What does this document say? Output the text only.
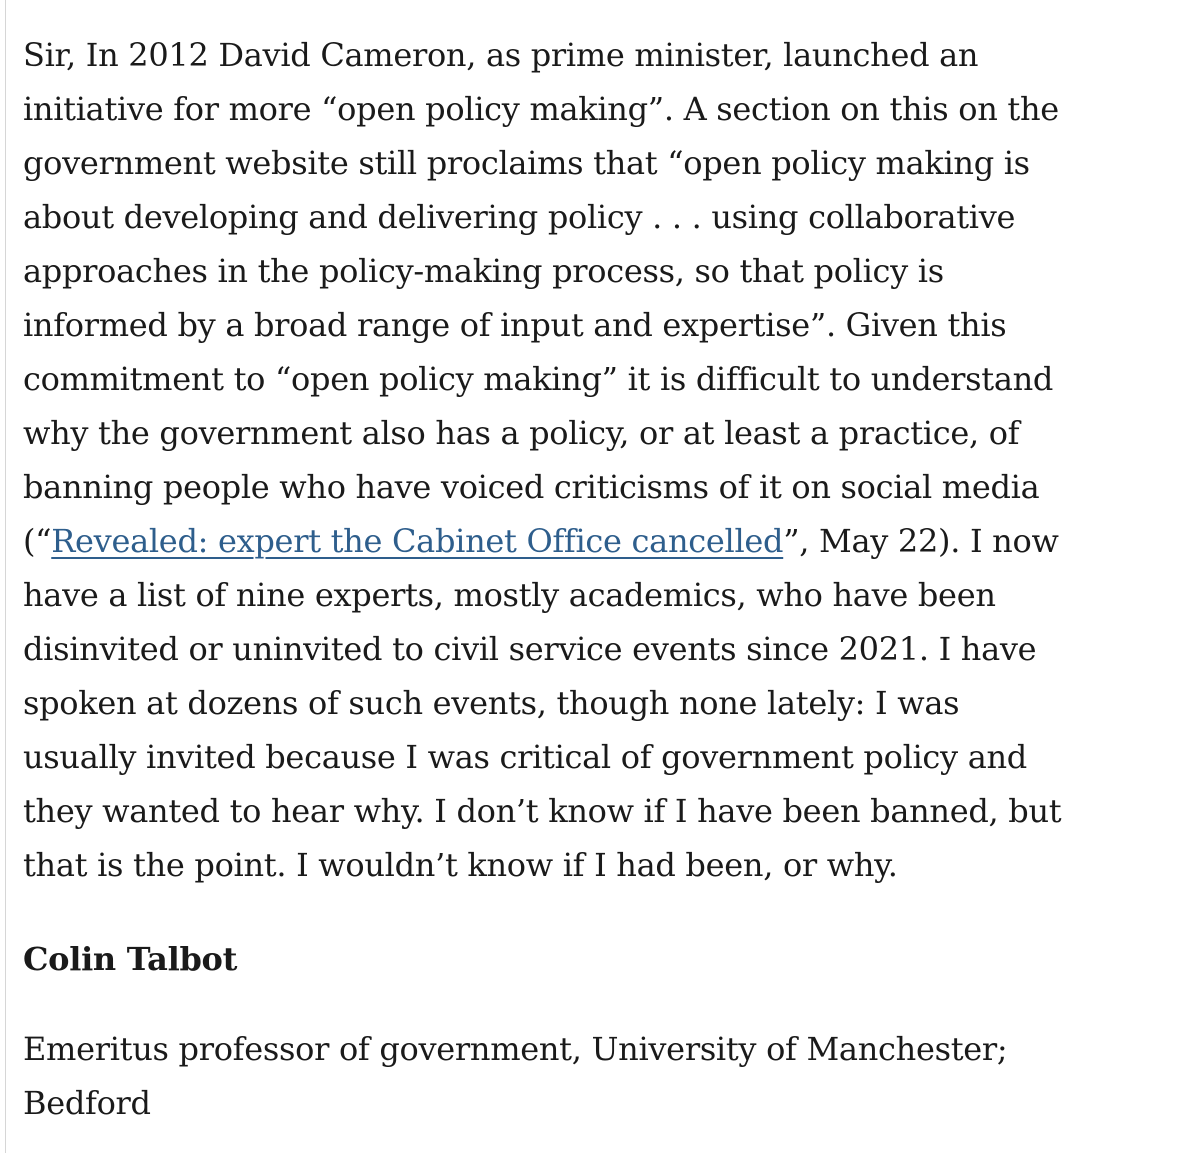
Sir, In 2012 David Cameron, as prime minister, launched an
initiative for more “open policy making”. A section on this on the
government website still proclaims that “open policy making is
about developing and delivering policy . . . using collaborative
approaches in the policy-making process, so that policy is
informed by a broad range of input and expertise”. Given this
commitment to “open policy making” it is difficult to understand
why the government also has a policy, or at least a practice, of
banning people who have voiced criticisms of it on social media
(“Revealed: expert the Cabinet Office cancelled”, May 22). I now
have a list of nine experts, mostly academics, who have been
disinvited or uninvited to civil service events since 2021. I have
spoken at dozens of such events, though none lately: I was
usually invited because I was critical of government policy and
they wanted to hear why. I don’t know if I have been banned, but
that is the point. I wouldn’t know if I had been, or why.

Colin Talbot

Emeritus professor of government, University of Manchester;
Bedford
